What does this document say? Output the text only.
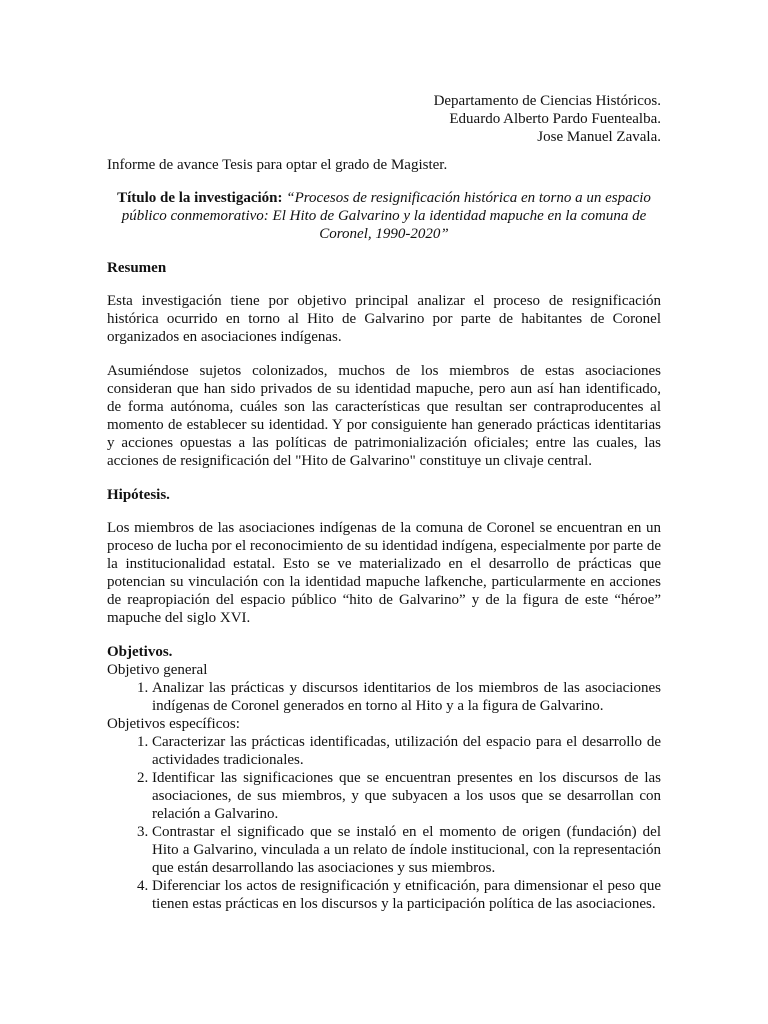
Departamento de Ciencias Históricos.
Eduardo Alberto Pardo Fuentealba.
Jose Manuel Zavala.

Informe de avance Tesis para optar el grado de Magister.

Título de la investigación: “Procesos de resignificación histórica en torno a un espacio público conmemorativo: El Hito de Galvarino y la identidad mapuche en la comuna de Coronel, 1990-2020”

Resumen

Esta investigación tiene por objetivo principal analizar el proceso de resignificación histórica ocurrido en torno al Hito de Galvarino por parte de habitantes de Coronel organizados en asociaciones indígenas.

Asumiéndose sujetos colonizados, muchos de los miembros de estas asociaciones consideran que han sido privados de su identidad mapuche, pero aun así han identificado, de forma autónoma, cuáles son las características que resultan ser contraproducentes al momento de establecer su identidad. Y por consiguiente han generado prácticas identitarias y acciones opuestas a las políticas de patrimonialización oficiales; entre las cuales, las acciones de resignificación del "Hito de Galvarino" constituye un clivaje central.

Hipótesis.

Los miembros de las asociaciones indígenas de la comuna de Coronel se encuentran en un proceso de lucha por el reconocimiento de su identidad indígena, especialmente por parte de la institucionalidad estatal. Esto se ve materializado en el desarrollo de prácticas que potencian su vinculación con la identidad mapuche lafkenche, particularmente en acciones de reapropiación del espacio público “hito de Galvarino” y de la figura de este “héroe” mapuche del siglo XVI.

Objetivos.

Objetivo general

1. Analizar las prácticas y discursos identitarios de los miembros de las asociaciones indígenas de Coronel generados en torno al Hito y a la figura de Galvarino.

Objetivos específicos:

1. Caracterizar las prácticas identificadas, utilización del espacio para el desarrollo de actividades tradicionales.
2. Identificar las significaciones que se encuentran presentes en los discursos de las asociaciones, de sus miembros, y que subyacen a los usos que se desarrollan con relación a Galvarino.
3. Contrastar el significado que se instaló en el momento de origen (fundación) del Hito a Galvarino, vinculada a un relato de índole institucional, con la representación que están desarrollando las asociaciones y sus miembros.
4. Diferenciar los actos de resignificación y etnificación, para dimensionar el peso que tienen estas prácticas en los discursos y la participación política de las asociaciones.
